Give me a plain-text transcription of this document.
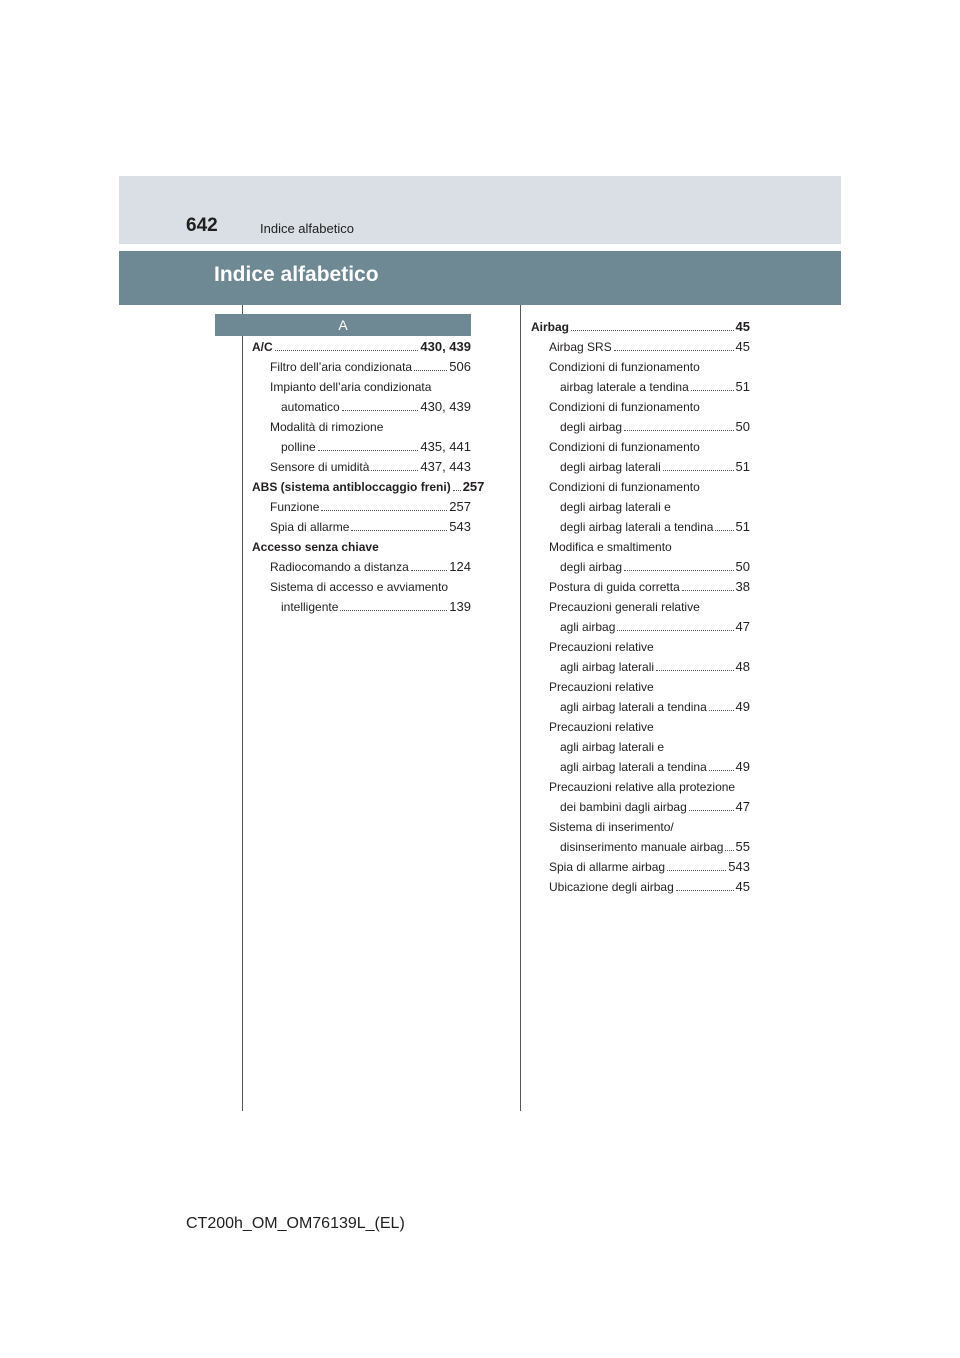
642	Indice alfabetico
Indice alfabetico
A
A/C	430, 439
Filtro dell’aria condizionata	506
Impianto dell’aria condizionata
automatico	430, 439
Modalità di rimozione
polline	435, 441
Sensore di umidità	437, 443
ABS (sistema antibloccaggio freni) 257
Funzione	257
Spia di allarme	543
Accesso senza chiave
Radiocomando a distanza	124
Sistema di accesso e avviamento
intelligente	139
Airbag	45
Airbag SRS	45
Condizioni di funzionamento
airbag laterale a tendina	51
Condizioni di funzionamento
degli airbag	50
Condizioni di funzionamento
degli airbag laterali	51
Condizioni di funzionamento
degli airbag laterali e
degli airbag laterali a tendina 51
Modifica e smaltimento
degli airbag	50
Postura di guida corretta	38
Precauzioni generali relative
agli airbag	47
Precauzioni relative
agli airbag laterali	48
Precauzioni relative
agli airbag laterali a tendina 49
Precauzioni relative
agli airbag laterali e
agli airbag laterali a tendina 49
Precauzioni relative alla protezione
dei bambini dagli airbag	47
Sistema di inserimento/
disinserimento manuale airbag 55
Spia di allarme airbag	543
Ubicazione degli airbag	45
CT200h_OM_OM76139L_(EL)
